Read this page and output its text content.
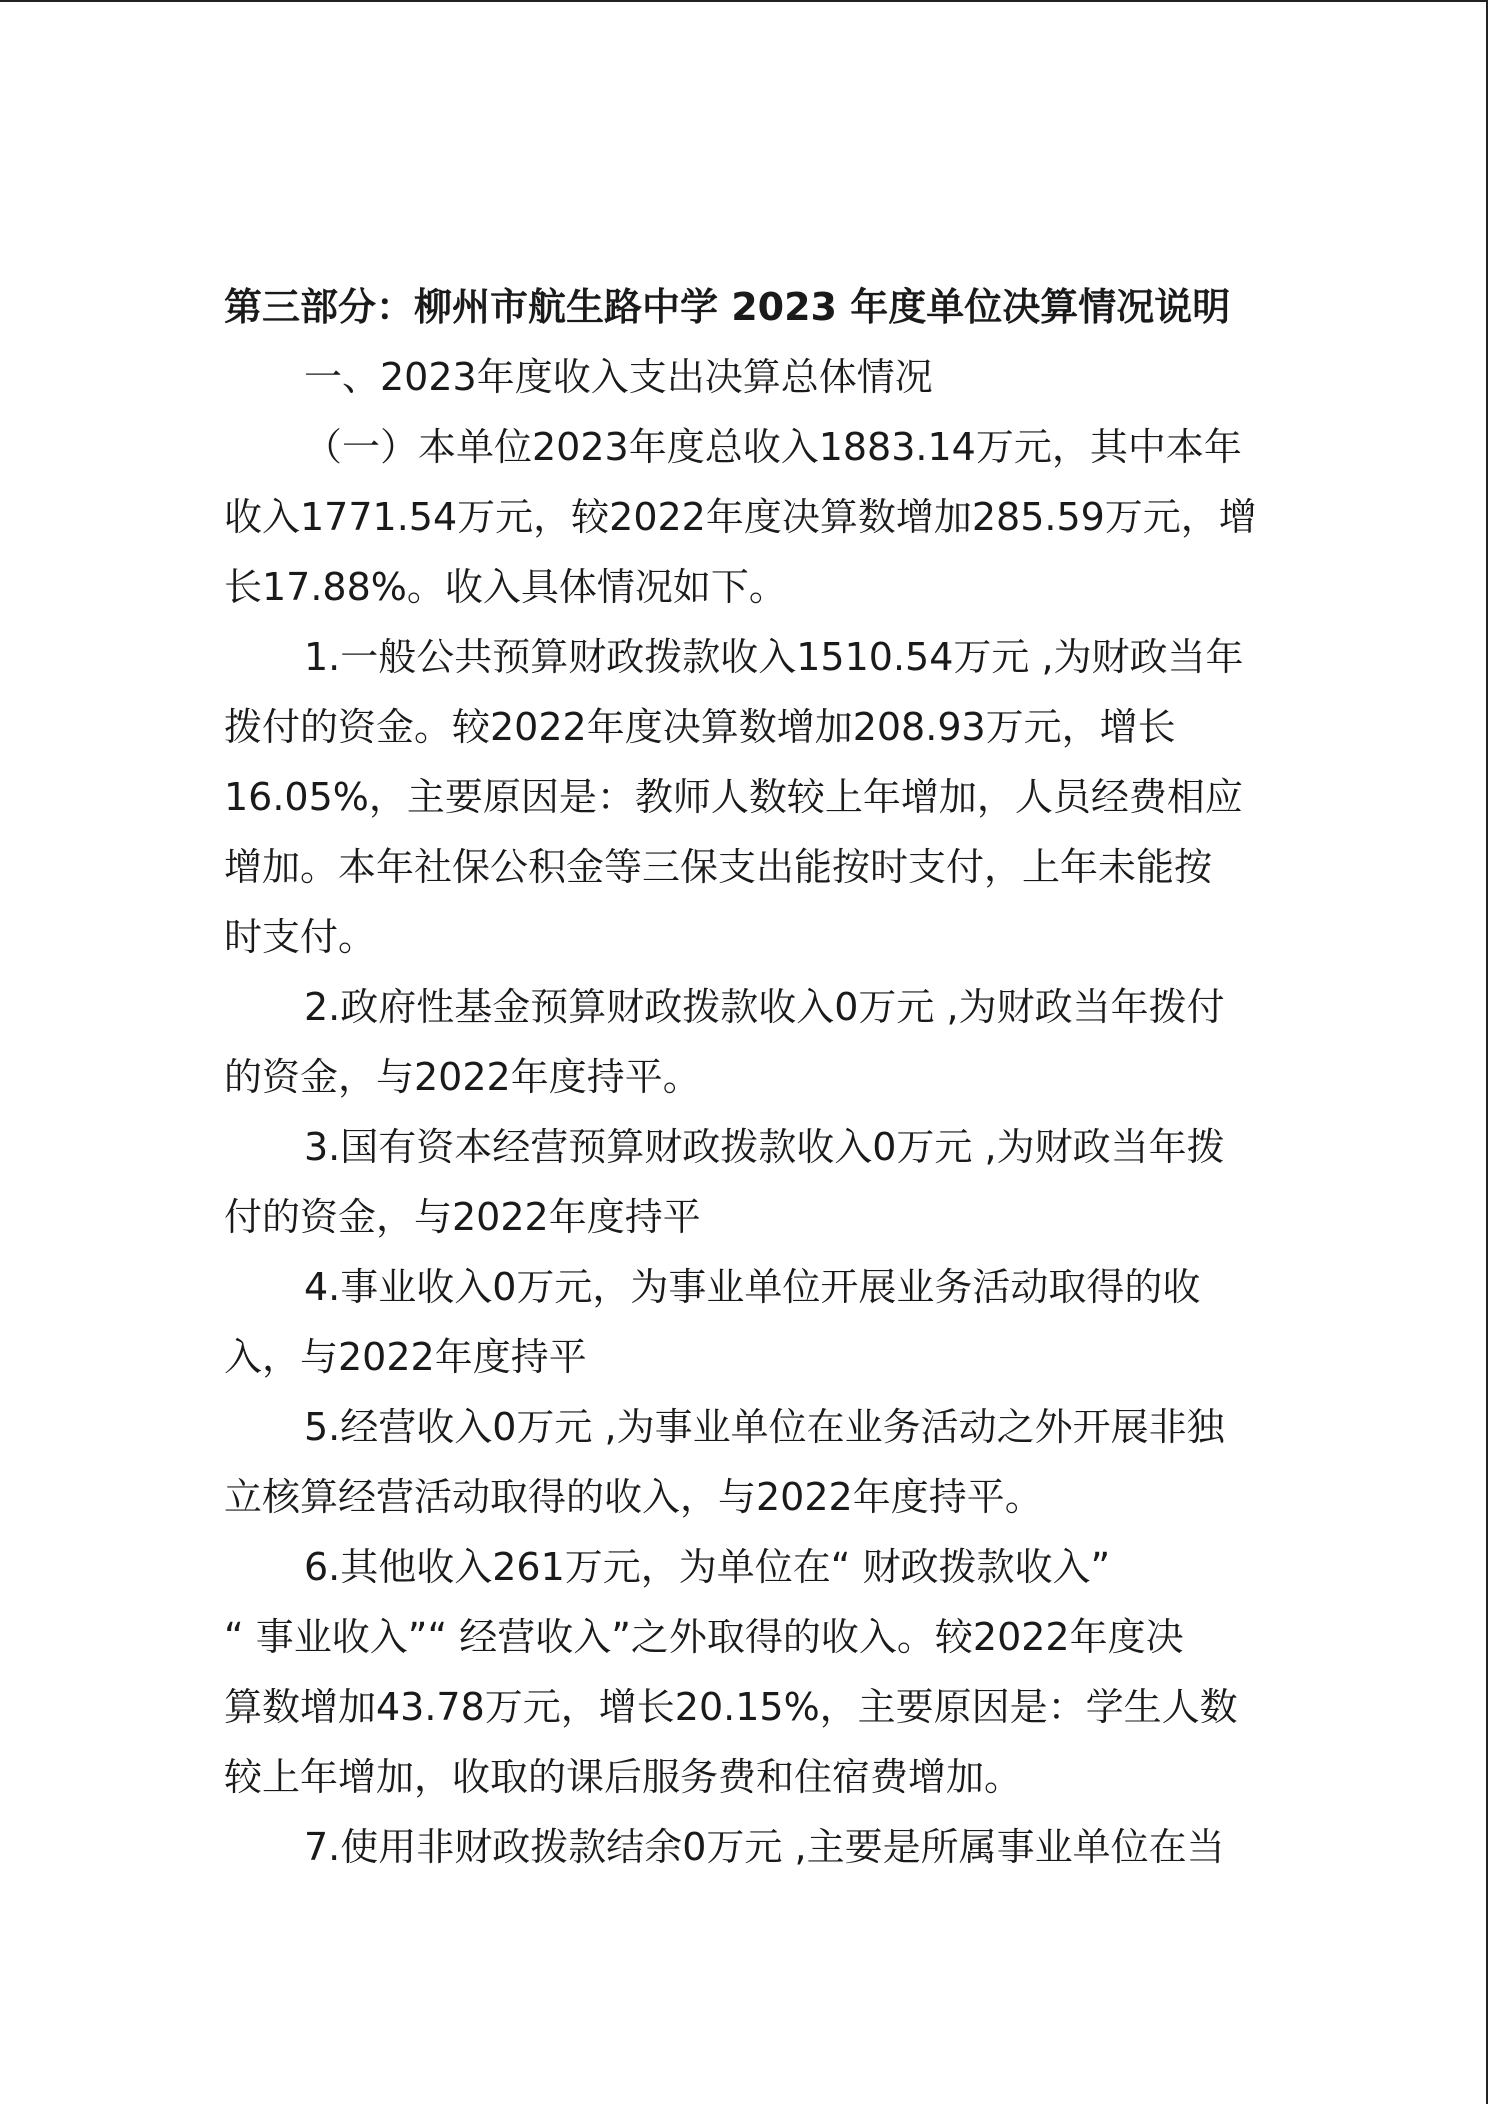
第三部分：柳州市航生路中学 2023 年度单位决算情况说明
一、2023年度收入支出决算总体情况
（一）本单位2023年度总收入1883.14万元，其中本年
收入1771.54万元，较2022年度决算数增加285.59万元，增
长17.88%。收入具体情况如下。
1.一般公共预算财政拨款收入1510.54万元 ,为财政当年
拨付的资金。较2022年度决算数增加208.93万元，增长
16.05%，主要原因是：教师人数较上年增加，人员经费相应
增加。本年社保公积金等三保支出能按时支付，上年未能按
时支付。
2.政府性基金预算财政拨款收入0万元 ,为财政当年拨付
的资金，与2022年度持平。
3.国有资本经营预算财政拨款收入0万元 ,为财政当年拨
付的资金，与2022年度持平
4.事业收入0万元，为事业单位开展业务活动取得的收
入，与2022年度持平
5.经营收入0万元 ,为事业单位在业务活动之外开展非独
立核算经营活动取得的收入，与2022年度持平。
6.其他收入261万元，为单位在“ 财政拨款收入”
“ 事业收入”“ 经营收入”之外取得的收入。较2022年度决
算数增加43.78万元，增长20.15%，主要原因是：学生人数
较上年增加，收取的课后服务费和住宿费增加。
7.使用非财政拨款结余0万元 ,主要是所属事业单位在当
